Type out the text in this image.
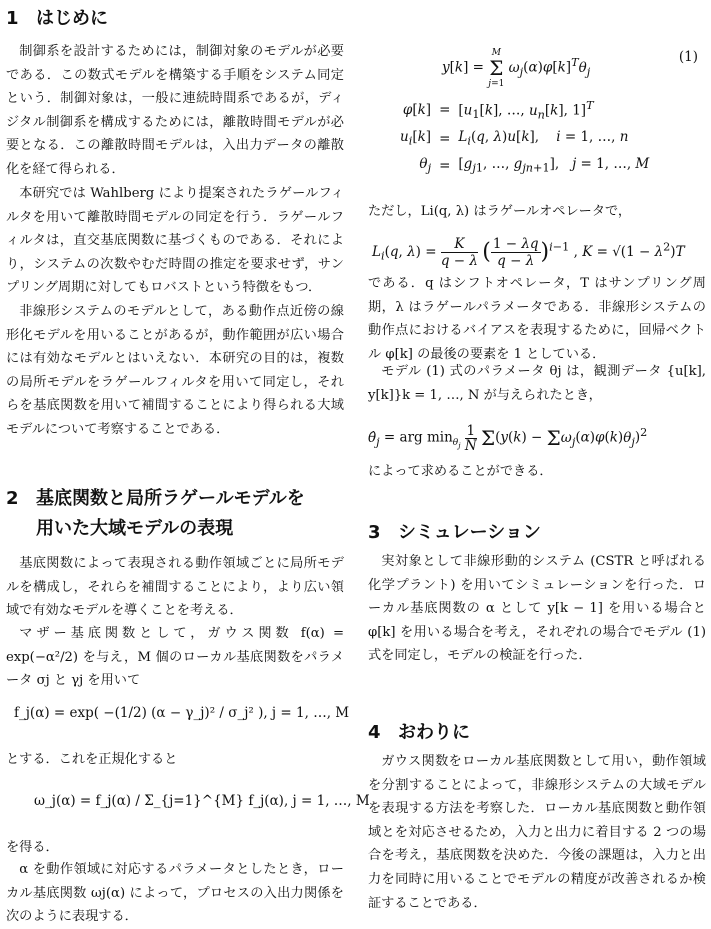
1 はじめに
制御系を設計するためには，制御対象のモデルが必要である．この数式モデルを構築する手順をシステム同定という．制御対象は，一般に連続時間系であるが，ディジタル制御系を構成するためには，離散時間モデルが必要となる．この離散時間モデルは，入出力データの離散化を経て得られる．
本研究では Wahlberg により提案されたラゲールフィルタを用いて離散時間モデルの同定を行う．ラゲールフィルタは，直交基底関数に基づくものである．それにより，システムの次数やむだ時間の推定を要求せず，サンプリング周期に対してもロバストという特徴をもつ．
非線形システムのモデルとして，ある動作点近傍の線形化モデルを用いることがあるが，動作範囲が広い場合には有効なモデルとはいえない．本研究の目的は，複数の局所モデルをラゲールフィルタを用いて同定し，それらを基底関数を用いて補間することにより得られる大域モデルについて考察することである．
2 基底関数と局所ラゲールモデルを
用いた大域モデルの表現
基底関数によって表現される動作領域ごとに局所モデルを構成し，それらを補間することにより，より広い領域で有効なモデルを導くことを考える．
マザー基底関数として，ガウス関数 f(α) = exp(−α²/2) を与え，M 個のローカル基底関数をパラメータ σj と γj を用いて
f_j(α) = exp( −(1/2) (α − γ_j)² / σ_j² ), j = 1, …, M
とする．これを正規化すると
ω_j(α) = f_j(α) / Σ_{j=1}^{M} f_j(α), j = 1, …, M
を得る．
α を動作領域に対応するパラメータとしたとき，ローカル基底関数 ωj(α) によって，プロセスの入出力関係を次のように表現する．
y[k] = M
Σ
j=1 $\omega_j(\alpha)\varphi[k]^T\theta_j$
(1)
φ[k]	=	[$u_1[k]$, …, $u_n[k]$, 1]$^T$
$u_i[k]$	=	$L_i(q$, λ)u[k],    i = 1, …, n
$\theta_j$	=	[$g_{j1}$, …, $g_{jn+1}$],   j = 1, …, M
ただし，Li(q, λ) はラゲールオペレータで，
$L_i(q$, $\lambda) = \frac{K}{q - \lambda}$ ( $\frac{1 - \lambda q}{q - \lambda} )^{i-1}$ , $K = √(1 - \lambda^2)T$
である．q はシフトオペレータ，T はサンプリング周期，λ はラゲールパラメータである．非線形システムの動作点におけるバイアスを表現するために，回帰ベクトル φ[k] の最後の要素を 1 としている．
モデル (1) 式のパラメータ θj は，観測データ {u[k], y[k]}k = 1, …, N が与えられたとき，
$\thetâ_j$ = arg $\min_{\theta_j} \frac{1}{N} \Sigma(y(k) - \Sigma\omega_j(\alpha)\varphi(k)\theta_j)^2$
によって求めることができる．
3 シミュレーション
実対象として非線形動的システム (CSTR と呼ばれる化学プラント) を用いてシミュレーションを行った．ローカル基底関数の α として y[k − 1] を用いる場合と φ[k] を用いる場合を考え，それぞれの場合でモデル (1) 式を同定し，モデルの検証を行った．
4 おわりに
ガウス関数をローカル基底関数として用い，動作領域を分割することによって，非線形システムの大域モデルを表現する方法を考察した．ローカル基底関数と動作領域とを対応させるため，入力と出力に着目する 2 つの場合を考え，基底関数を決めた．今後の課題は，入力と出力を同時に用いることでモデルの精度が改善されるか検証することである．
